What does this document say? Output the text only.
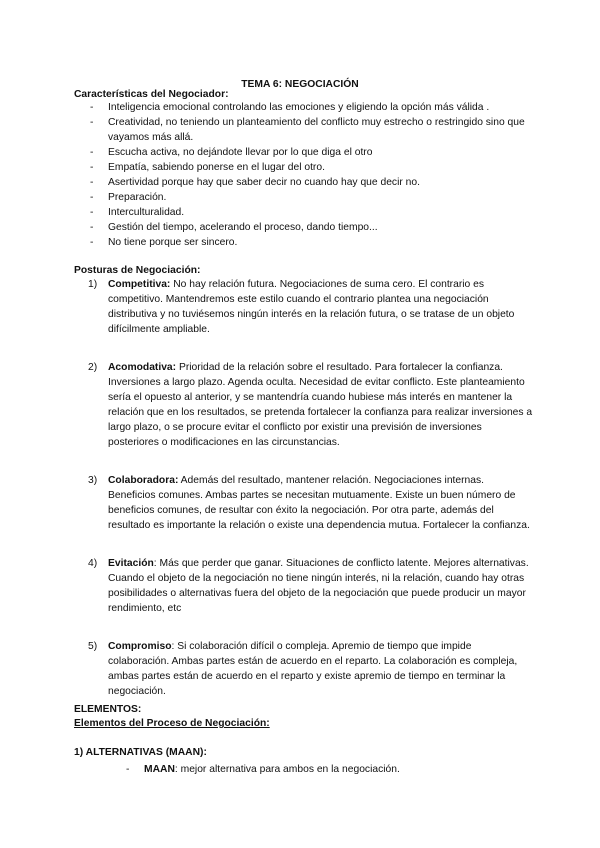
TEMA 6: NEGOCIACIÓN
Características del Negociador:
- Inteligencia emocional controlando las emociones y eligiendo la opción más válida .
- Creatividad, no teniendo un planteamiento del conflicto muy estrecho o restringido sino que vayamos más allá.
- Escucha activa, no dejándote llevar por lo que diga el otro
- Empatía, sabiendo ponerse en el lugar del otro.
- Asertividad porque hay que saber decir no cuando hay que decir no.
- Preparación.
- Interculturalidad.
- Gestión del tiempo, acelerando el proceso, dando tiempo...
- No tiene porque ser sincero.
Posturas de Negociación:
1) Competitiva: No hay relación futura. Negociaciones de suma cero. El contrario es competitivo. Mantendremos este estilo cuando el contrario plantea una negociación distributiva y no tuviésemos ningún interés en la relación futura, o se tratase de un objeto difícilmente ampliable.
2) Acomodativa: Prioridad de la relación sobre el resultado. Para fortalecer la confianza. Inversiones a largo plazo. Agenda oculta. Necesidad de evitar conflicto. Este planteamiento sería el opuesto al anterior, y se mantendría cuando hubiese más interés en mantener la relación que en los resultados, se pretenda fortalecer la confianza para realizar inversiones a largo plazo, o se procure evitar el conflicto por existir una previsión de inversiones posteriores o modificaciones en las circunstancias.
3) Colaboradora: Además del resultado, mantener relación. Negociaciones internas. Beneficios comunes. Ambas partes se necesitan mutuamente. Existe un buen número de beneficios comunes, de resultar con éxito la negociación. Por otra parte, además del resultado es importante la relación o existe una dependencia mutua. Fortalecer la confianza.
4) Evitación: Más que perder que ganar. Situaciones de conflicto latente. Mejores alternativas. Cuando el objeto de la negociación no tiene ningún interés, ni la relación, cuando hay otras posibilidades o alternativas fuera del objeto de la negociación que puede producir un mayor rendimiento, etc
5) Compromiso: Si colaboración difícil o compleja. Apremio de tiempo que impide colaboración. Ambas partes están de acuerdo en el reparto. La colaboración es compleja, ambas partes están de acuerdo en el reparto y existe apremio de tiempo en terminar la negociación.
ELEMENTOS:
Elementos del Proceso de Negociación:
1) ALTERNATIVAS (MAAN):
- MAAN: mejor alternativa para ambos en la negociación.
